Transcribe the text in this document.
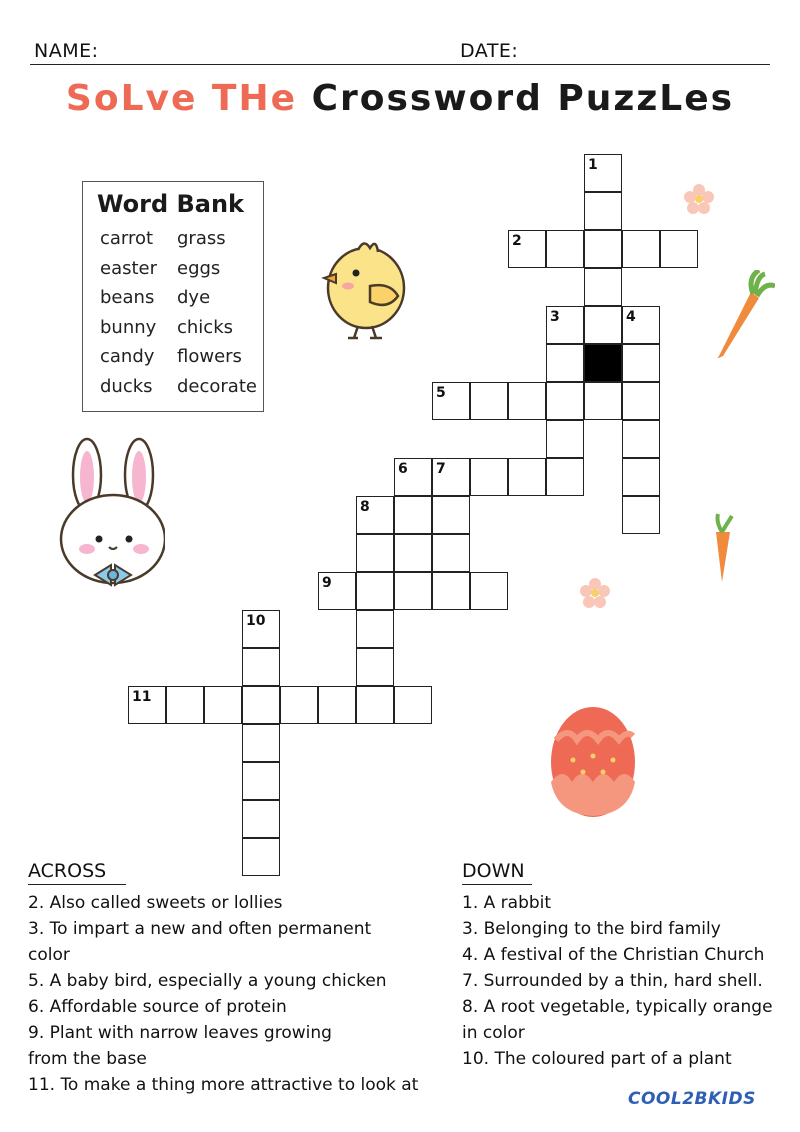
NAME:	DATE:
SoLve THe Crossword PuzzLes
Word Bank
carrot
easter
beans
bunny
candy
ducks
grass
eggs
dye
chicks
flowers
decorate
1
2
3	4
5
6 7
8
9
10
11
ACROSS
2. Also called sweets or lollies
3. To impart a new and often permanent
color
5. A baby bird, especially a young chicken
6. Affordable source of protein
9. Plant with narrow leaves growing
from the base
11. To make a thing more attractive to look at
DOWN
1. A rabbit
3. Belonging to the bird family
4. A festival of the Christian Church
7. Surrounded by a thin, hard shell.
8. A root vegetable, typically orange
in color
10. The coloured part of a plant
COOL2BKIDS
